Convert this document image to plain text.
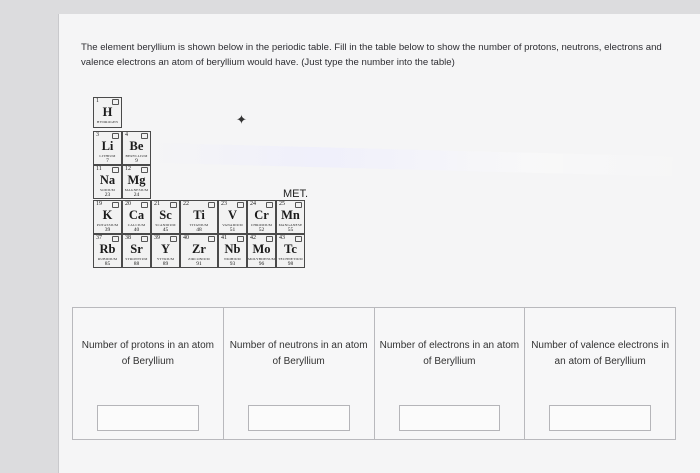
The element beryllium is shown below in the periodic table. Fill in the table below to show the number of protons, neutrons, electrons and valence electrons an atom of beryllium would have. (Just type the number into the table)
1
H
HYDROGEN
3
Li
LITHIUM
7
4
Be
BERYLLIUM
9
11
Na
SODIUM
23
12
Mg
MAGNESIUM
24
19
K
POTASSIUM
39
20
Ca
CALCIUM
40
21
Sc
SCANDIUM
45
22
Ti
TITANIUM
48
23
V
VANADIUM
51
24
Cr
CHROMIUM
52
25
Mn
MANGANESE
55
37
Rb
RUBIDIUM
85
38
Sr
STRONTIUM
88
39
Y
YTTRIUM
89
40
Zr
ZIRCONIUM
91
41
Nb
NIOBIUM
93
42
Mo
MOLYBDENUM
96
43
Tc
TECHNETIUM
98
MET.
✦
Number of protons in an atom of Beryllium
Number of neutrons in an atom of Beryllium
Number of electrons in an atom of Beryllium
Number of valence electrons in an atom of Beryllium
